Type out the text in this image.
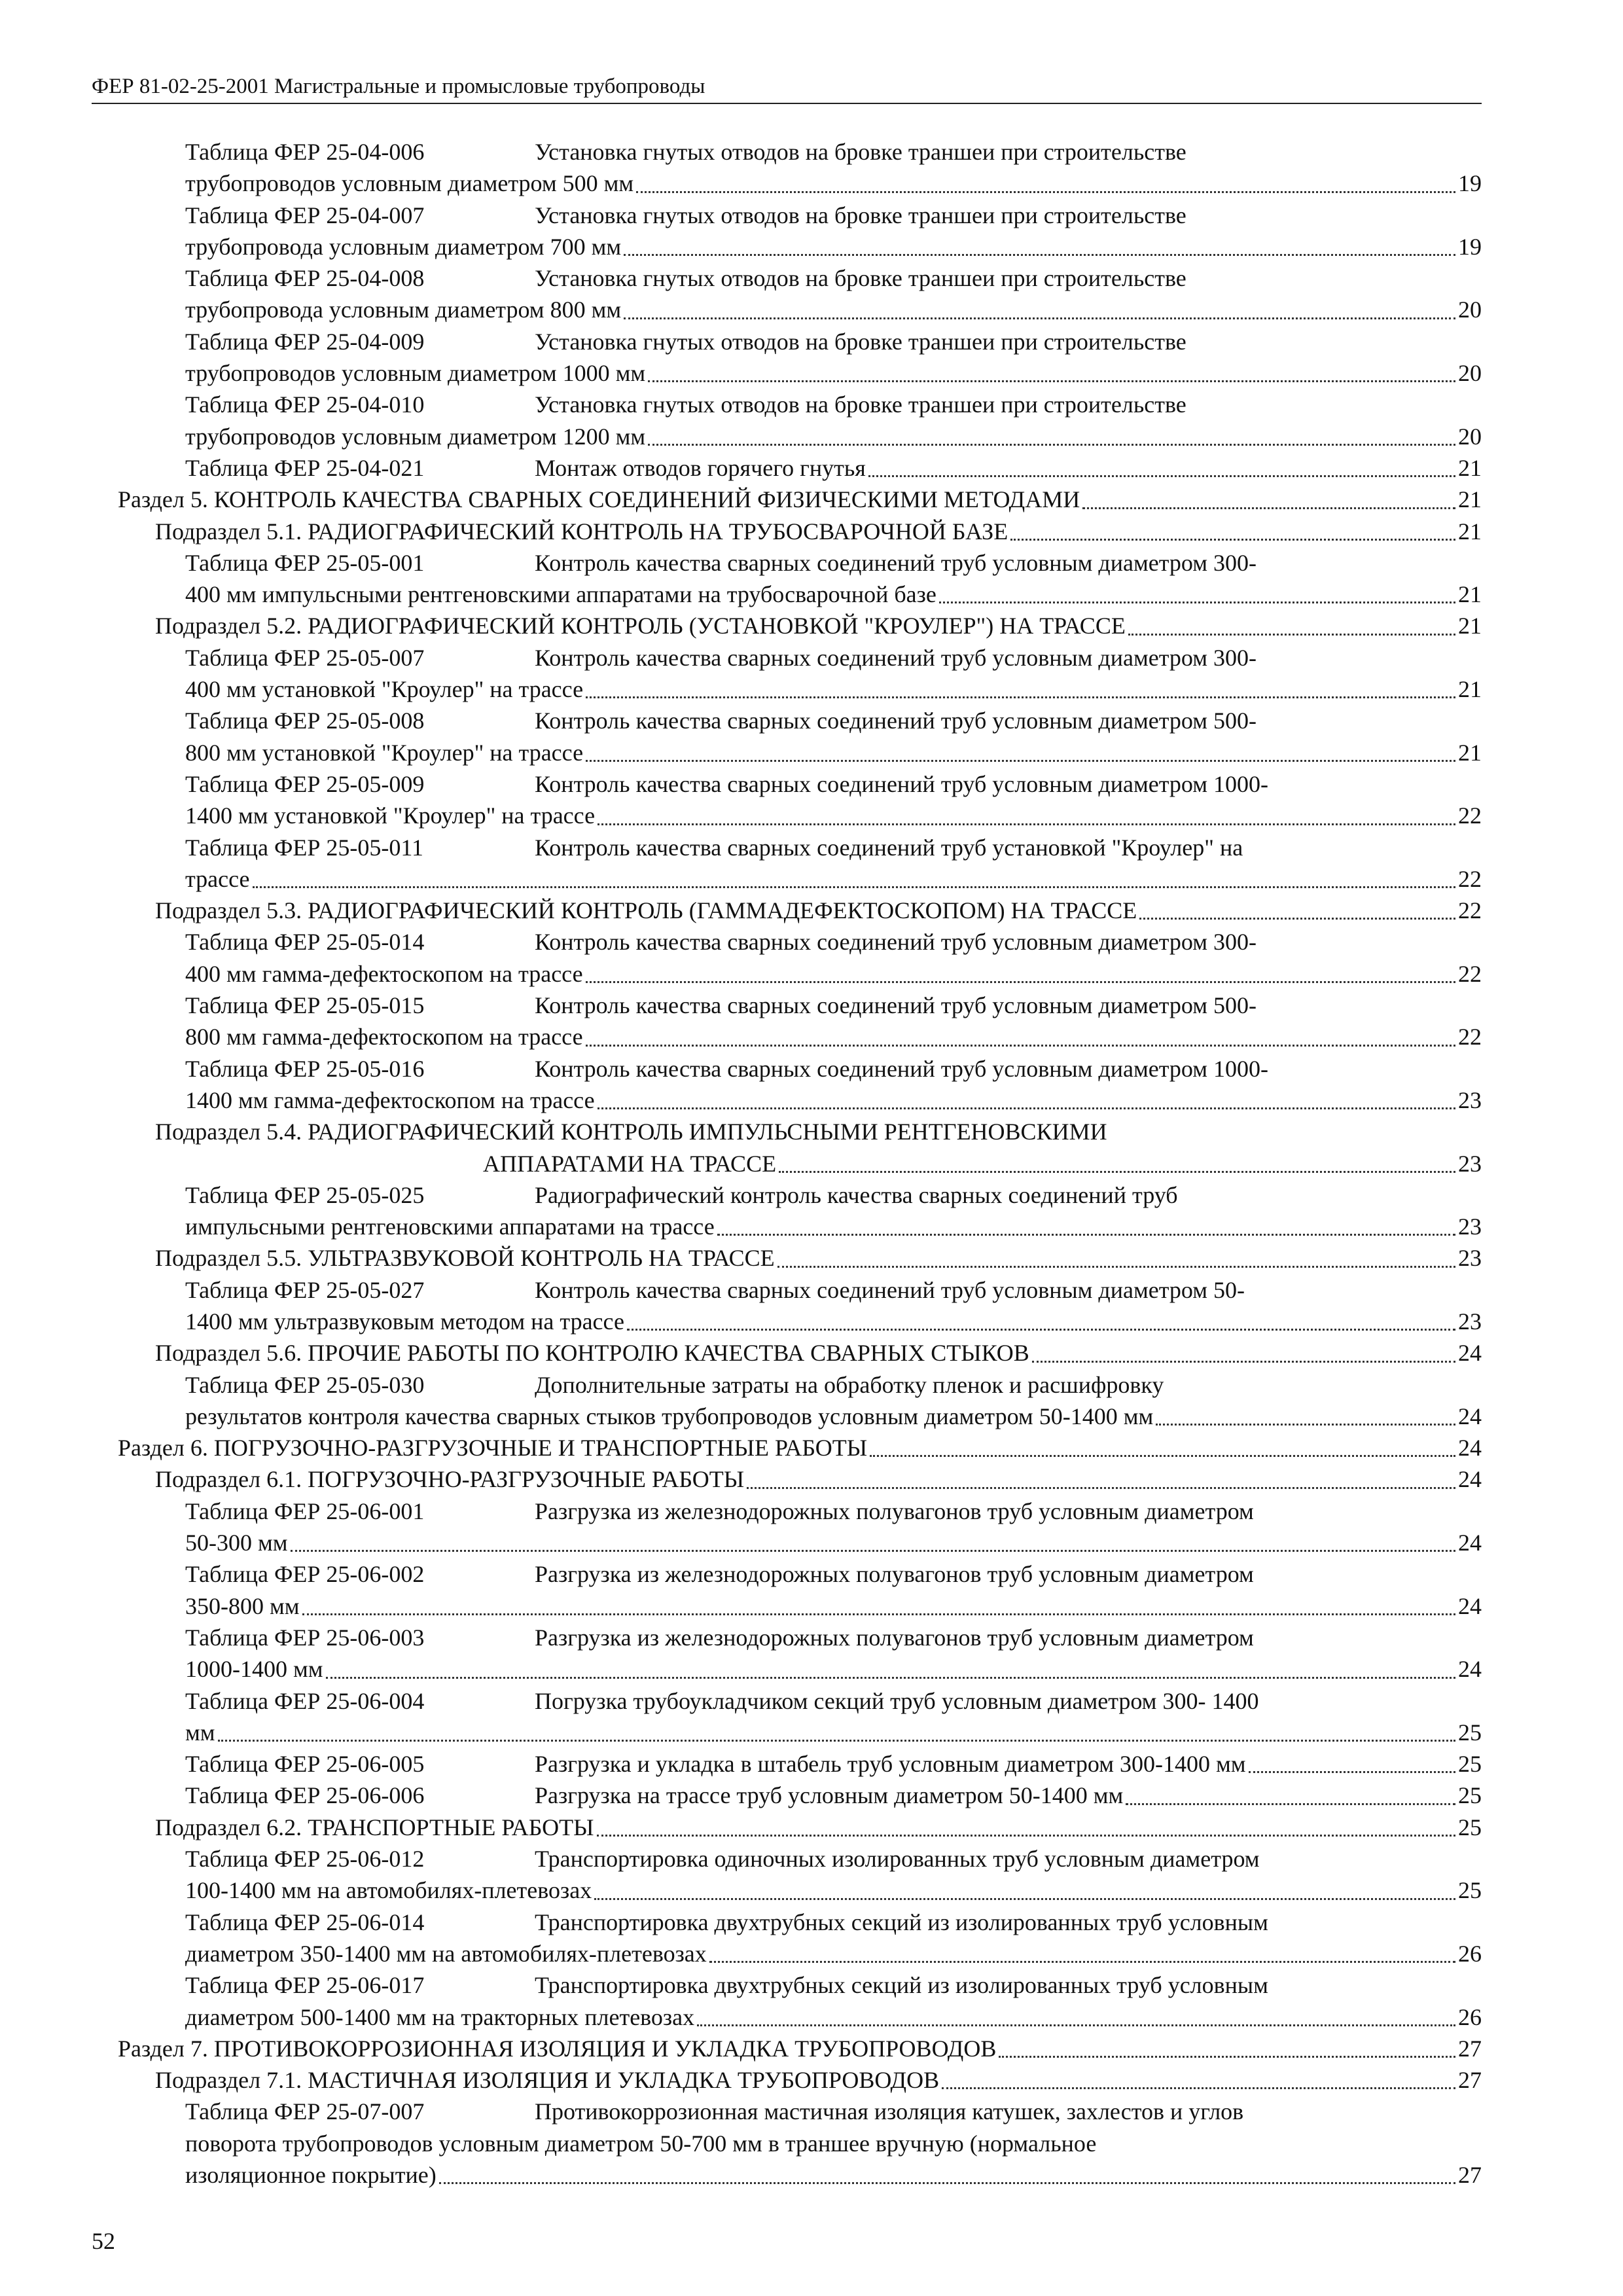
ФЕР 81-02-25-2001 Магистральные и промысловые трубопроводы
Таблица ФЕР 25-04-006	Установка гнутых отводов на бровке траншеи при строительстве
трубопроводов условным диаметром 500 мм	19
Таблица ФЕР 25-04-007	Установка гнутых отводов на бровке траншеи при строительстве
трубопровода условным диаметром 700 мм	19
Таблица ФЕР 25-04-008	Установка гнутых отводов на бровке траншеи при строительстве
трубопровода условным диаметром 800 мм	20
Таблица ФЕР 25-04-009	Установка гнутых отводов на бровке траншеи при строительстве
трубопроводов условным диаметром 1000 мм	20
Таблица ФЕР 25-04-010	Установка гнутых отводов на бровке траншеи при строительстве
трубопроводов условным диаметром 1200 мм	20
Таблица ФЕР 25-04-021	Монтаж отводов горячего гнутья	21
Раздел 5. КОНТРОЛЬ КАЧЕСТВА СВАРНЫХ СОЕДИНЕНИЙ ФИЗИЧЕСКИМИ МЕТОДАМИ	21
Подраздел 5.1. РАДИОГРАФИЧЕСКИЙ КОНТРОЛЬ НА ТРУБОСВАРОЧНОЙ БАЗЕ	21
Таблица ФЕР 25-05-001	Контроль качества сварных соединений труб условным диаметром 300-
400 мм импульсными рентгеновскими аппаратами на трубосварочной базе	21
Подраздел 5.2. РАДИОГРАФИЧЕСКИЙ КОНТРОЛЬ (УСТАНОВКОЙ "КРОУЛЕР") НА ТРАССЕ	21
Таблица ФЕР 25-05-007	Контроль качества сварных соединений труб условным диаметром 300-
400 мм установкой "Кроулер" на трассе	21
Таблица ФЕР 25-05-008	Контроль качества сварных соединений труб условным диаметром 500-
800 мм установкой "Кроулер" на трассе	21
Таблица ФЕР 25-05-009	Контроль качества сварных соединений труб условным диаметром 1000-
1400 мм установкой "Кроулер" на трассе	22
Таблица ФЕР 25-05-011	Контроль качества сварных соединений труб установкой "Кроулер" на
трассе	22
Подраздел 5.3. РАДИОГРАФИЧЕСКИЙ КОНТРОЛЬ (ГАММАДЕФЕКТОСКОПОМ) НА ТРАССЕ	22
Таблица ФЕР 25-05-014	Контроль качества сварных соединений труб условным диаметром 300-
400 мм гамма-дефектоскопом на трассе	22
Таблица ФЕР 25-05-015	Контроль качества сварных соединений труб условным диаметром 500-
800 мм гамма-дефектоскопом на трассе	22
Таблица ФЕР 25-05-016	Контроль качества сварных соединений труб условным диаметром 1000-
1400 мм гамма-дефектоскопом на трассе	23
Подраздел 5.4. РАДИОГРАФИЧЕСКИЙ КОНТРОЛЬ ИМПУЛЬСНЫМИ РЕНТГЕНОВСКИМИ
АППАРАТАМИ НА ТРАССЕ	23
Таблица ФЕР 25-05-025	Радиографический контроль качества сварных соединений труб
импульсными рентгеновскими аппаратами на трассе	23
Подраздел 5.5. УЛЬТРАЗВУКОВОЙ КОНТРОЛЬ НА ТРАССЕ	23
Таблица ФЕР 25-05-027	Контроль качества сварных соединений труб условным диаметром 50-
1400 мм ультразвуковым методом на трассе	23
Подраздел 5.6. ПРОЧИЕ РАБОТЫ ПО КОНТРОЛЮ КАЧЕСТВА СВАРНЫХ СТЫКОВ	24
Таблица ФЕР 25-05-030	Дополнительные затраты на обработку пленок и расшифровку
результатов контроля качества сварных стыков трубопроводов условным диаметром 50-1400 мм	24
Раздел 6. ПОГРУЗОЧНО-РАЗГРУЗОЧНЫЕ И ТРАНСПОРТНЫЕ РАБОТЫ	24
Подраздел 6.1. ПОГРУЗОЧНО-РАЗГРУЗОЧНЫЕ РАБОТЫ	24
Таблица ФЕР 25-06-001	Разгрузка из железнодорожных полувагонов труб условным диаметром
50-300 мм	24
Таблица ФЕР 25-06-002	Разгрузка из железнодорожных полувагонов труб условным диаметром
350-800 мм	24
Таблица ФЕР 25-06-003	Разгрузка из железнодорожных полувагонов труб условным диаметром
1000-1400 мм	24
Таблица ФЕР 25-06-004	Погрузка трубоукладчиком секций труб условным диаметром 300- 1400
мм	25
Таблица ФЕР 25-06-005	Разгрузка и укладка в штабель труб условным диаметром 300-1400 мм	25
Таблица ФЕР 25-06-006	Разгрузка на трассе труб условным диаметром 50-1400 мм	25
Подраздел 6.2. ТРАНСПОРТНЫЕ РАБОТЫ	25
Таблица ФЕР 25-06-012	Транспортировка одиночных изолированных труб условным диаметром
100-1400 мм на автомобилях-плетевозах	25
Таблица ФЕР 25-06-014	Транспортировка двухтрубных секций из изолированных труб условным
диаметром 350-1400 мм на автомобилях-плетевозах	26
Таблица ФЕР 25-06-017	Транспортировка двухтрубных секций из изолированных труб условным
диаметром 500-1400 мм на тракторных плетевозах	26
Раздел 7. ПРОТИВОКОРРОЗИОННАЯ ИЗОЛЯЦИЯ И УКЛАДКА ТРУБОПРОВОДОВ	27
Подраздел 7.1. МАСТИЧНАЯ ИЗОЛЯЦИЯ И УКЛАДКА ТРУБОПРОВОДОВ	27
Таблица ФЕР 25-07-007	Противокоррозионная мастичная изоляция катушек, захлестов и углов
поворота трубопроводов условным диаметром 50-700 мм в траншее вручную (нормальное
изоляционное покрытие)	27
52
